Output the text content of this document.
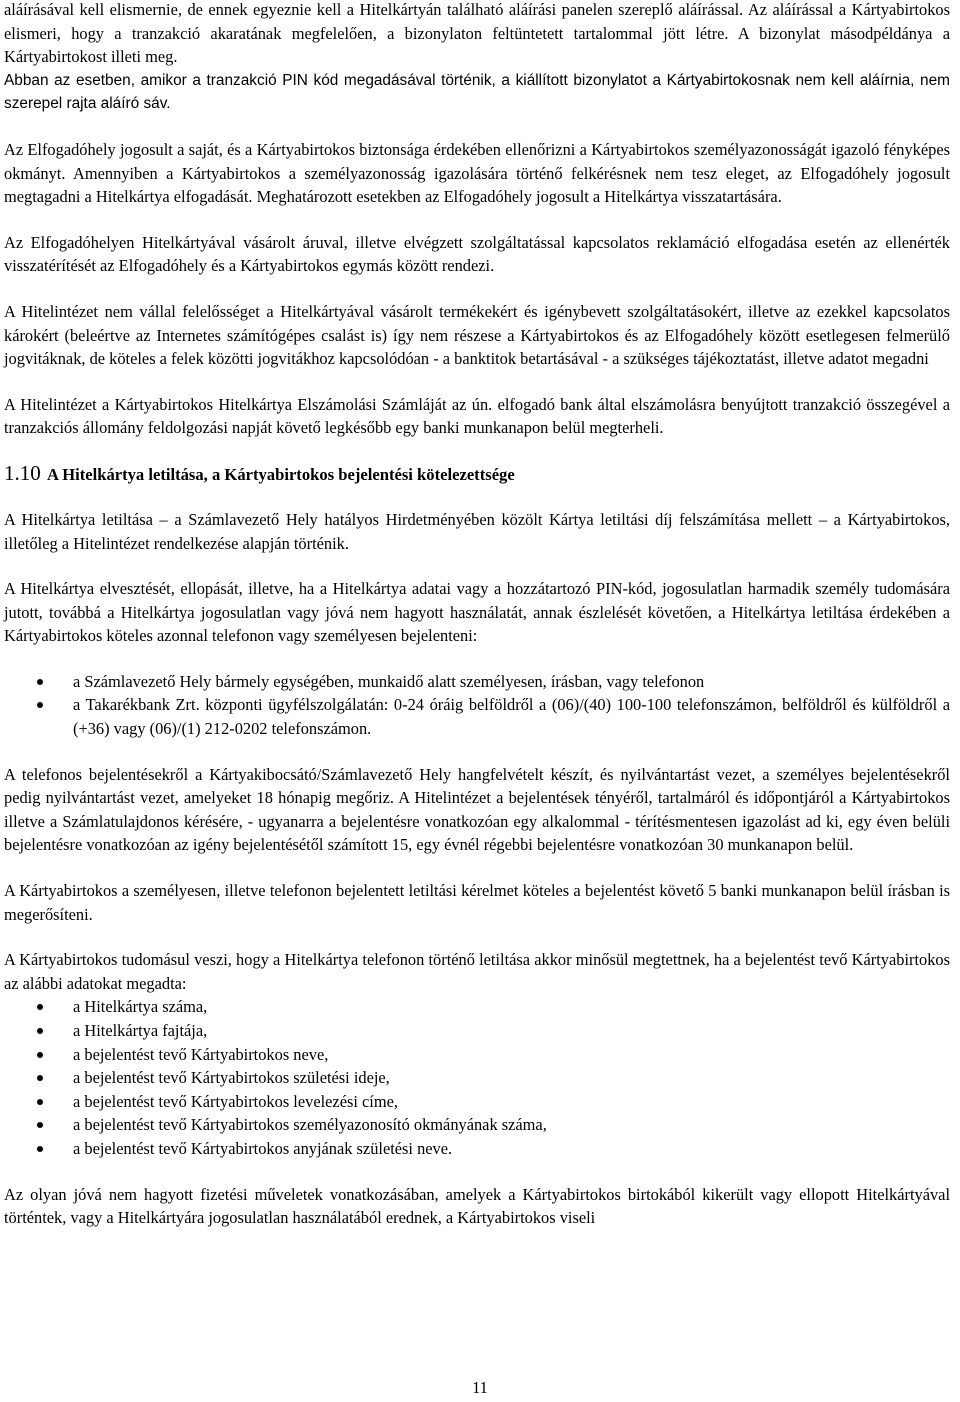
aláírásával kell elismernie, de ennek egyeznie kell a Hitelkártyán található aláírási panelen szereplő aláírással. Az aláírással a Kártyabirtokos elismeri, hogy a tranzakció akaratának megfelelően, a bizonylaton feltüntetett tartalommal jött létre. A bizonylat másodpéldánya a Kártyabirtokost illeti meg.

Abban az esetben, amikor a tranzakció PIN kód megadásával történik, a kiállított bizonylatot a Kártyabirtokosnak nem kell aláírnia, nem szerepel rajta aláíró sáv.

Az Elfogadóhely jogosult a saját, és a Kártyabirtokos biztonsága érdekében ellenőrizni a Kártyabirtokos személyazonosságát igazoló fényképes okmányt. Amennyiben a Kártyabirtokos a személyazonosság igazolására történő felkérésnek nem tesz eleget, az Elfogadóhely jogosult megtagadni a Hitelkártya elfogadását. Meghatározott esetekben az Elfogadóhely jogosult a Hitelkártya visszatartására.

Az Elfogadóhelyen Hitelkártyával vásárolt áruval, illetve elvégzett szolgáltatással kapcsolatos reklamáció elfogadása esetén az ellenérték visszatérítését az Elfogadóhely és a Kártyabirtokos egymás között rendezi.

A Hitelintézet nem vállal felelősséget a Hitelkártyával vásárolt termékekért és igénybevett szolgáltatásokért, illetve az ezekkel kapcsolatos károkért (beleértve az Internetes számítógépes csalást is) így nem részese a Kártyabirtokos és az Elfogadóhely között esetlegesen felmerülő jogvitáknak, de köteles a felek közötti jogvitákhoz kapcsolódóan - a banktitok betartásával - a szükséges tájékoztatást, illetve adatot megadni

A Hitelintézet a Kártyabirtokos Hitelkártya Elszámolási Számláját az ún. elfogadó bank által elszámolásra benyújtott tranzakció összegével a tranzakciós állomány feldolgozási napját követő legkésőbb egy banki munkanapon belül megterheli.

1.10 A Hitelkártya letiltása, a Kártyabirtokos bejelentési kötelezettsége

A Hitelkártya letiltása – a Számlavezető Hely hatályos Hirdetményében közölt Kártya letiltási díj felszámítása mellett – a Kártyabirtokos, illetőleg a Hitelintézet rendelkezése alapján történik.

A Hitelkártya elvesztését, ellopását, illetve, ha a Hitelkártya adatai vagy a hozzátartozó PIN-kód, jogosulatlan harmadik személy tudomására jutott, továbbá a Hitelkártya jogosulatlan vagy jóvá nem hagyott használatát, annak észlelését követően, a Hitelkártya letiltása érdekében a Kártyabirtokos köteles azonnal telefonon vagy személyesen bejelenteni:

a Számlavezető Hely bármely egységében, munkaidő alatt személyesen, írásban, vagy telefonon
a Takarékbank Zrt. központi ügyfélszolgálatán: 0-24 óráig belföldről a (06)/(40) 100-100 telefonszámon, belföldről és külföldről a (+36) vagy (06)/(1) 212-0202 telefonszámon.

A telefonos bejelentésekről a Kártyakibocsátó/Számlavezető Hely hangfelvételt készít, és nyilvántartást vezet, a személyes bejelentésekről pedig nyilvántartást vezet, amelyeket 18 hónapig megőriz. A Hitelintézet a bejelentések tényéről, tartalmáról és időpontjáról a Kártyabirtokos illetve a Számlatulajdonos kérésére, - ugyanarra a bejelentésre vonatkozóan egy alkalommal - térítésmentesen igazolást ad ki, egy éven belüli bejelentésre vonatkozóan az igény bejelentésétől számított 15, egy évnél régebbi bejelentésre vonatkozóan 30 munkanapon belül.

A Kártyabirtokos a személyesen, illetve telefonon bejelentett letiltási kérelmet köteles a bejelentést követő 5 banki munkanapon belül írásban is megerősíteni.

A Kártyabirtokos tudomásul veszi, hogy a Hitelkártya telefonon történő letiltása akkor minősül megtettnek, ha a bejelentést tevő Kártyabirtokos az alábbi adatokat megadta:

a Hitelkártya száma,
a Hitelkártya fajtája,
a bejelentést tevő Kártyabirtokos neve,
a bejelentést tevő Kártyabirtokos születési ideje,
a bejelentést tevő Kártyabirtokos levelezési címe,
a bejelentést tevő Kártyabirtokos személyazonosító okmányának száma,
a bejelentést tevő Kártyabirtokos anyjának születési neve.

Az olyan jóvá nem hagyott fizetési műveletek vonatkozásában, amelyek a Kártyabirtokos birtokából kikerült vagy ellopott Hitelkártyával történtek, vagy a Hitelkártyára jogosulatlan használatából erednek, a Kártyabirtokos viseli

11
